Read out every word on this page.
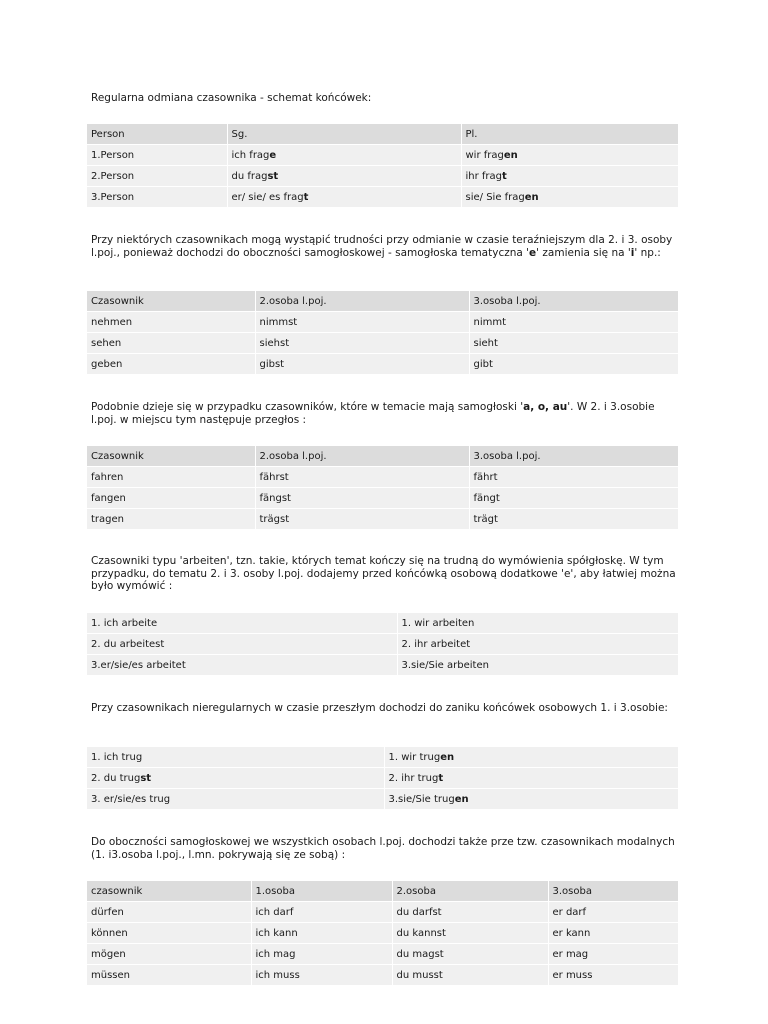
Regularna odmiana czasownika - schemat końcówek:

Person	Sg.	Pl.
1.Person	ich frage	wir fragen
2.Person	du fragst	ihr fragt
3.Person	er/ sie/ es fragt	sie/ Sie fragen

Przy niektórych czasownikach mogą wystąpić trudności przy odmianie w czasie teraźniejszym dla 2. i 3. osoby l.poj., ponieważ dochodzi do oboczności samogłoskowej - samogłoska tematyczna 'e' zamienia się na 'i' np.:

Czasownik	2.osoba l.poj.	3.osoba l.poj.
nehmen	nimmst	nimmt
sehen	siehst	sieht
geben	gibst	gibt

Podobnie dzieje się w przypadku czasowników, które w temacie mają samogłoski 'a, o, au'. W 2. i 3.osobie l.poj. w miejscu tym następuje przegłos :

Czasownik	2.osoba l.poj.	3.osoba l.poj.
fahren	fährst	fährt
fangen	fängst	fängt
tragen	trägst	trägt

Czasowniki typu 'arbeiten', tzn. takie, których temat kończy się na trudną do wymówienia spółgłoskę. W tym przypadku, do tematu 2. i 3. osoby l.poj. dodajemy przed końcówką osobową dodatkowe 'e', aby łatwiej można było wymówić :

1. ich arbeite	1. wir arbeiten
2. du arbeitest	2. ihr arbeitet
3.er/sie/es arbeitet	3.sie/Sie arbeiten

Przy czasownikach nieregularnych w czasie przeszłym dochodzi do zaniku końcówek osobowych 1. i 3.osobie:

1. ich trug	1. wir trugen
2. du trugst	2. ihr trugt
3. er/sie/es trug	3.sie/Sie trugen

Do oboczności samogłoskowej we wszystkich osobach l.poj. dochodzi także prze tzw. czasownikach modalnych (1. i3.osoba l.poj., l.mn. pokrywają się ze sobą) :

czasownik	1.osoba	2.osoba	3.osoba
dürfen	ich darf	du darfst	er darf
können	ich kann	du kannst	er kann
mögen	ich mag	du magst	er mag
müssen	ich muss	du musst	er muss
